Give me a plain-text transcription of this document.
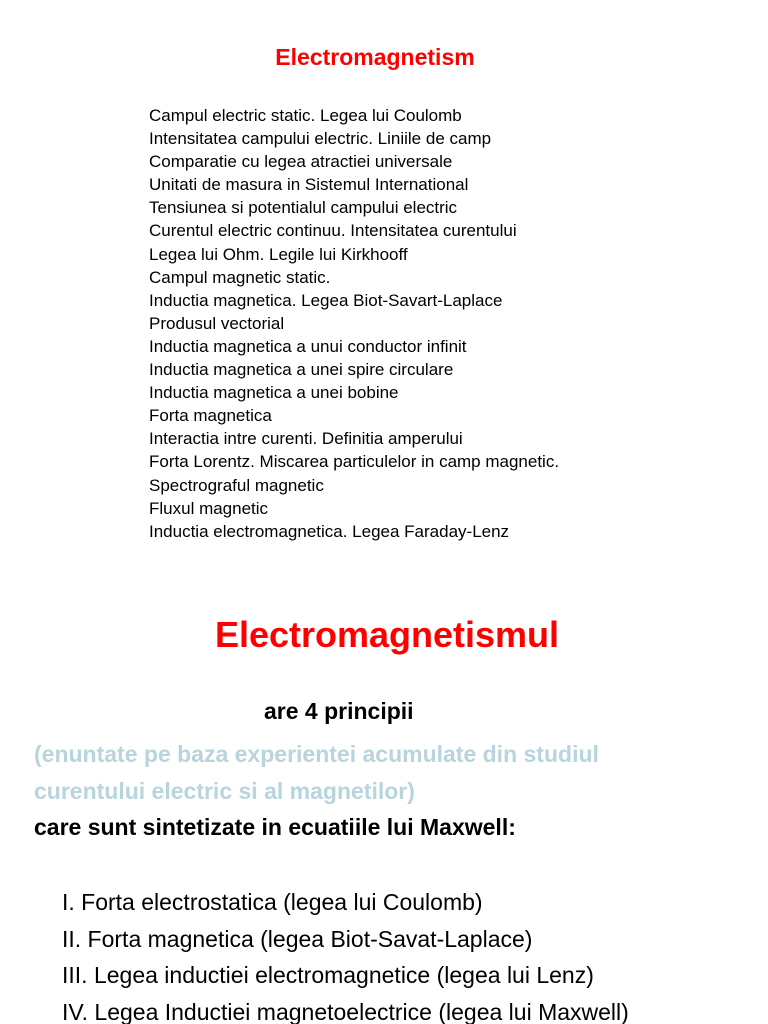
Electromagnetism
Campul electric static. Legea lui Coulomb
Intensitatea campului electric. Liniile de camp
Comparatie cu legea atractiei universale
Unitati de masura in Sistemul International
Tensiunea si potentialul campului electric
Curentul electric continuu. Intensitatea curentului
Legea lui Ohm. Legile lui Kirkhooff
Campul magnetic static.
Inductia magnetica. Legea Biot-Savart-Laplace
Produsul vectorial
Inductia magnetica a unui conductor infinit
Inductia magnetica a unei spire circulare
Inductia magnetica a unei bobine
Forta magnetica
Interactia intre curenti. Definitia amperului
Forta Lorentz. Miscarea particulelor in camp magnetic.
Spectrograful magnetic
Fluxul magnetic
Inductia electromagnetica. Legea Faraday-Lenz
Electromagnetismul

are 4 principii

(enuntate pe baza experientei acumulate din studiul
curentului electric si al magnetilor)

care sunt sintetizate in ecuatiile lui Maxwell:

I. Forta electrostatica (legea lui Coulomb)
II. Forta magnetica (legea Biot-Savat-Laplace)
III. Legea inductiei electromagnetice (legea lui Lenz)
IV. Legea Inductiei magnetoelectrice (legea lui Maxwell)
